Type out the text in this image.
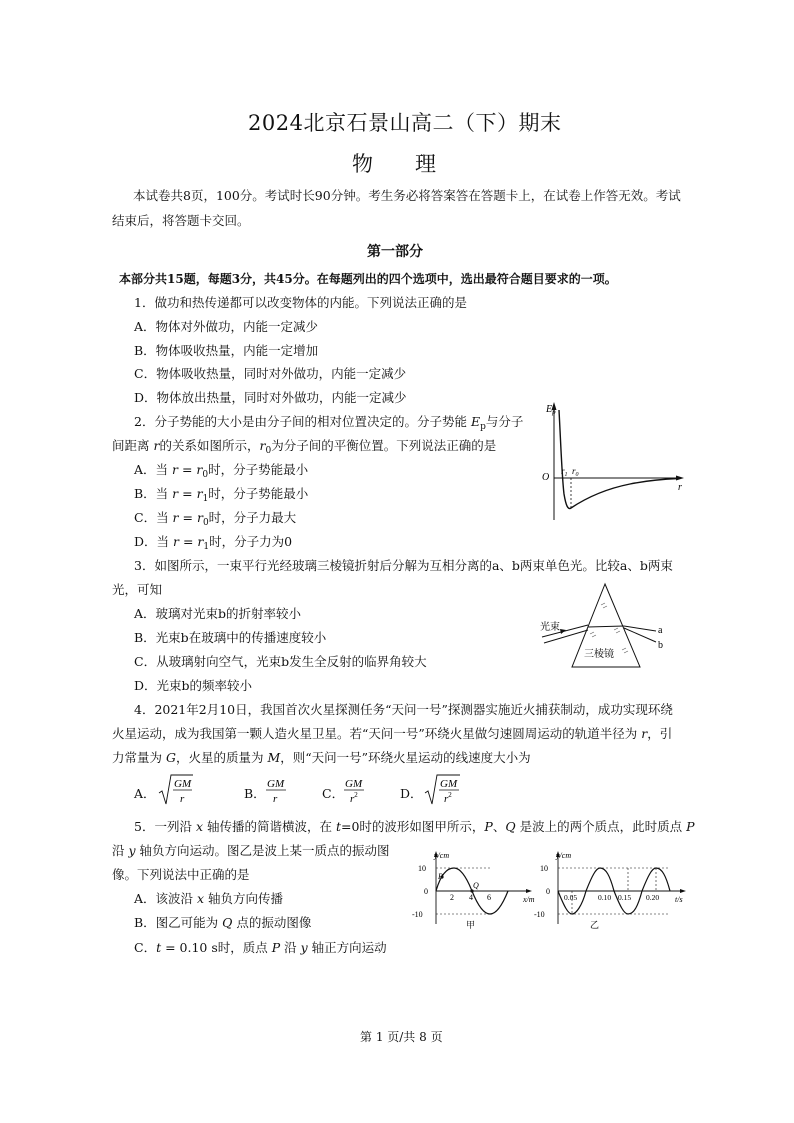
2024北京石景山高二（下）期末
物　　理
本试卷共8页，100分。考试时长90分钟。考生务必将答案答在答题卡上，在试卷上作答无效。考试
结束后，将答题卡交回。
第一部分
本部分共15题，每题3分，共45分。在每题列出的四个选项中，选出最符合题目要求的一项。
1．做功和热传递都可以改变物体的内能。下列说法正确的是
A．物体对外做功，内能一定减少
B．物体吸收热量，内能一定增加
C．物体吸收热量，同时对外做功，内能一定减少
D．物体放出热量，同时对外做功，内能一定减少
2．分子势能的大小是由分子间的相对位置决定的。分子势能 $E_p$与分子
间距离 r的关系如图所示，$r_0$为分子间的平衡位置。下列说法正确的是
A．当 $r = r_0$时，分子势能最小
B．当 $r = r_1$时，分子势能最小
C．当 $r = r_0$时，分子力最大
D．当 $r = r_1$时，分子力为0
$E_p$
O
$r_1$ $r_0$
r
3．如图所示，一束平行光经玻璃三棱镜折射后分解为互相分离的a、b两束单色光。比较a、b两束
光，可知
A．玻璃对光束b的折射率较小
B．光束b在玻璃中的传播速度较小
C．从玻璃射向空气，光束b发生全反射的临界角较大
D．光束b的频率较小
光束
三棱镜
a
b
4．2021年2月10日，我国首次火星探测任务“天问一号”探测器实施近火捕获制动，成功实现环绕
火星运动，成为我国第一颗人造火星卫星。若“天问一号”环绕火星做匀速圆周运动的轨道半径为 r，引
力常量为 G，火星的质量为 M，则“天问一号”环绕火星运动的线速度大小为
A．
GM
r	B．
GM
r	C．
GM
$r^2$	D．
GM
$r^2$
5．一列沿 x 轴传播的简谐横波，在 t=0时的波形如图甲所示，P、Q 是波上的两个质点，此时质点 P
沿 y 轴负方向运动。图乙是波上某一质点的振动图
像。下列说法中正确的是
A．该波沿 x 轴负方向传播
B．图乙可能为 Q 点的振动图像
C．t = 0.10 s时，质点 P 沿 y 轴正方向运动
y/cm
10
0
-10
P
Q
2 4 6	x/m
甲
y/cm
10
0
-10
0.05	0.10 0.15 0.20 t/s
乙
第 1 页/共 8 页
